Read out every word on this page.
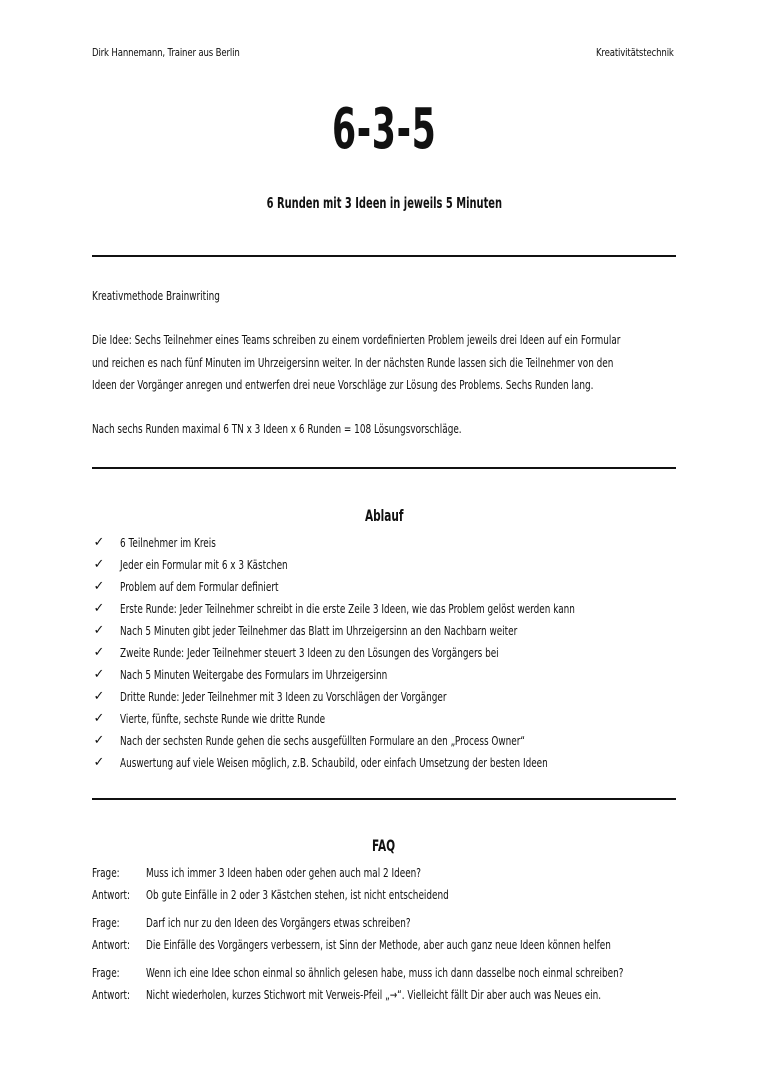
Dirk Hannemann, Trainer aus Berlin	Kreativitätstechnik
6-3-5
6 Runden mit 3 Ideen in jeweils 5 Minuten
Kreativmethode Brainwriting
Die Idee: Sechs Teilnehmer eines Teams schreiben zu einem vordefinierten Problem jeweils drei Ideen auf ein Formular
und reichen es nach fünf Minuten im Uhrzeigersinn weiter. In der nächsten Runde lassen sich die Teilnehmer von den
Ideen der Vorgänger anregen und entwerfen drei neue Vorschläge zur Lösung des Problems. Sechs Runden lang.
Nach sechs Runden maximal 6 TN x 3 Ideen x 6 Runden = 108 Lösungsvorschläge.
Ablauf
✓ 6 Teilnehmer im Kreis
✓ Jeder ein Formular mit 6 x 3 Kästchen
✓ Problem auf dem Formular definiert
✓ Erste Runde: Jeder Teilnehmer schreibt in die erste Zeile 3 Ideen, wie das Problem gelöst werden kann
✓ Nach 5 Minuten gibt jeder Teilnehmer das Blatt im Uhrzeigersinn an den Nachbarn weiter
✓ Zweite Runde: Jeder Teilnehmer steuert 3 Ideen zu den Lösungen des Vorgängers bei
✓ Nach 5 Minuten Weitergabe des Formulars im Uhrzeigersinn
✓ Dritte Runde: Jeder Teilnehmer mit 3 Ideen zu Vorschlägen der Vorgänger
✓ Vierte, fünfte, sechste Runde wie dritte Runde
✓ Nach der sechsten Runde gehen die sechs ausgefüllten Formulare an den „Process Owner“
✓ Auswertung auf viele Weisen möglich, z.B. Schaubild, oder einfach Umsetzung der besten Ideen
FAQ
Frage: Muss ich immer 3 Ideen haben oder gehen auch mal 2 Ideen?
Antwort: Ob gute Einfälle in 2 oder 3 Kästchen stehen, ist nicht entscheidend
Frage: Darf ich nur zu den Ideen des Vorgängers etwas schreiben?
Antwort: Die Einfälle des Vorgängers verbessern, ist Sinn der Methode, aber auch ganz neue Ideen können helfen
Frage: Wenn ich eine Idee schon einmal so ähnlich gelesen habe, muss ich dann dasselbe noch einmal schreiben?
Antwort: Nicht wiederholen, kurzes Stichwort mit Verweis-Pfeil „→“. Vielleicht fällt Dir aber auch was Neues ein.
